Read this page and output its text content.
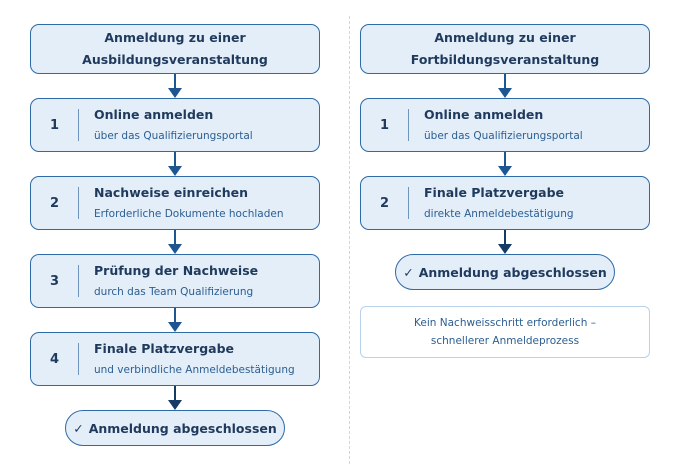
Anmeldung zu einer
Ausbildungsveranstaltung
1
Online anmelden
über das Qualifizierungsportal
2
Nachweise einreichen
Erforderliche Dokumente hochladen
3
Prüfung der Nachweise
durch das Team Qualifizierung
4
Finale Platzvergabe
und verbindliche Anmeldebestätigung
✓ Anmeldung abgeschlossen
Anmeldung zu einer
Fortbildungsveranstaltung
1
Online anmelden
über das Qualifizierungsportal
2
Finale Platzvergabe
direkte Anmeldebestätigung
✓ Anmeldung abgeschlossen
Kein Nachweisschritt erforderlich –
schnellerer Anmeldeprozess
